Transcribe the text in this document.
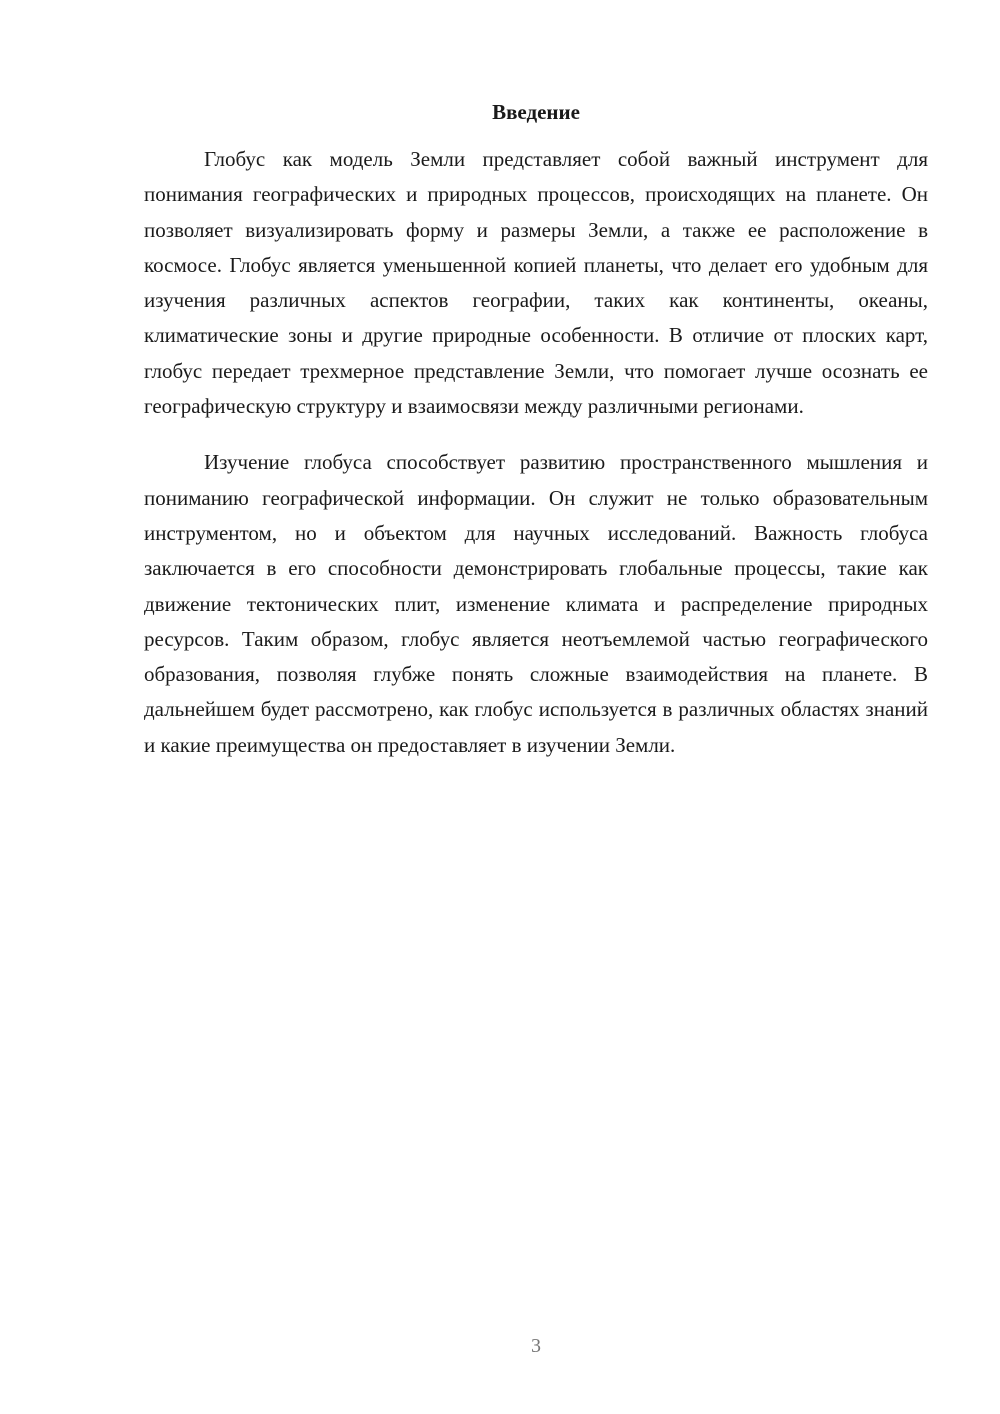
Введение

Глобус как модель Земли представляет собой важный инструмент для понимания географических и природных процессов, происходящих на планете. Он позволяет визуализировать форму и размеры Земли, а также ее расположение в космосе. Глобус является уменьшенной копией планеты, что делает его удобным для изучения различных аспектов географии, таких как континенты, океаны, климатические зоны и другие природные особенности. В отличие от плоских карт, глобус передает трехмерное представление Земли, что помогает лучше осознать ее географическую структуру и взаимосвязи между различными регионами.

Изучение глобуса способствует развитию пространственного мышления и пониманию географической информации. Он служит не только образовательным инструментом, но и объектом для научных исследований. Важность глобуса заключается в его способности демонстрировать глобальные процессы, такие как движение тектонических плит, изменение климата и распределение природных ресурсов. Таким образом, глобус является неотъемлемой частью географического образования, позволяя глубже понять сложные взаимодействия на планете. В дальнейшем будет рассмотрено, как глобус используется в различных областях знаний и какие преимущества он предоставляет в изучении Земли.

3
